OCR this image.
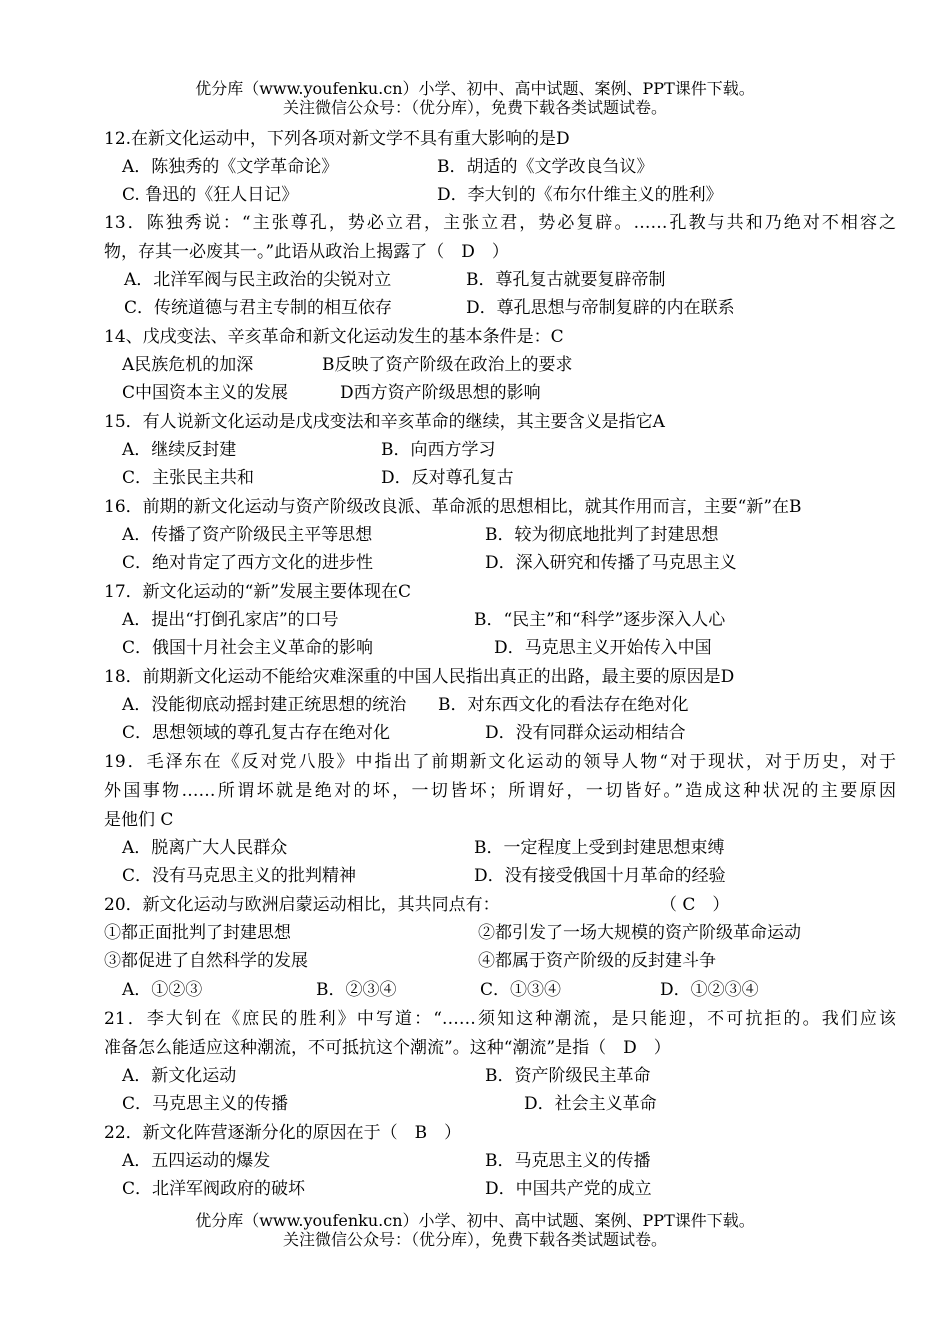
优分库（www.youfenku.cn）小学、初中、高中试题、案例、PPT课件下载。
关注微信公众号：（优分库），免费下载各类试题试卷。
12.在新文化运动中，下列各项对新文学不具有重大影响的是D
A．陈独秀的《文学革命论》	B．胡适的《文学改良刍议》
C. 鲁迅的《狂人日记》	D．李大钊的《布尔什维主义的胜利》
13．陈独秀说：“主张尊孔，势必立君，主张立君，势必复辟。……孔教与共和乃绝对不相容之
物，存其一必废其一。”此语从政治上揭露了（　D　）
A．北洋军阀与民主政治的尖锐对立	B．尊孔复古就要复辟帝制
C．传统道德与君主专制的相互依存	D．尊孔思想与帝制复辟的内在联系
14、戊戌变法、辛亥革命和新文化运动发生的基本条件是：C
A民族危机的加深	B反映了资产阶级在政治上的要求
C中国资本主义的发展	D西方资产阶级思想的影响
15．有人说新文化运动是戊戌变法和辛亥革命的继续，其主要含义是指它A
A．继续反封建	B．向西方学习
C．主张民主共和	D．反对尊孔复古
16．前期的新文化运动与资产阶级改良派、革命派的思想相比，就其作用而言，主要“新”在B
A．传播了资产阶级民主平等思想	B．较为彻底地批判了封建思想
C．绝对肯定了西方文化的进步性	D．深入研究和传播了马克思主义
17．新文化运动的“新”发展主要体现在C
A．提出“打倒孔家店”的口号	B．“民主”和“科学”逐步深入人心
C．俄国十月社会主义革命的影响	D．马克思主义开始传入中国
18．前期新文化运动不能给灾难深重的中国人民指出真正的出路，最主要的原因是D
A．没能彻底动摇封建正统思想的统治 B．对东西文化的看法存在绝对化
C．思想领域的尊孔复古存在绝对化	D．没有同群众运动相结合
19．毛泽东在《反对党八股》中指出了前期新文化运动的领导人物“对于现状，对于历史，对于
外国事物……所谓坏就是绝对的坏，一切皆坏；所谓好，一切皆好。”造成这种状况的主要原因
是他们 C
A．脱离广大人民群众	B．一定程度上受到封建思想束缚
C．没有马克思主义的批判精神	D．没有接受俄国十月革命的经验
20．新文化运动与欧洲启蒙运动相比，其共同点有：	（ C　）
①都正面批判了封建思想	②都引发了一场大规模的资产阶级革命运动
③都促进了自然科学的发展	④都属于资产阶级的反封建斗争
A．①②③	B．②③④	C．①③④	D．①②③④
21．李大钊在《庶民的胜利》中写道：“……须知这种潮流，是只能迎，不可抗拒的。我们应该
准备怎么能适应这种潮流，不可抵抗这个潮流”。这种“潮流”是指（　D　）
A．新文化运动	B．资产阶级民主革命
C．马克思主义的传播	D．社会主义革命
22．新文化阵营逐渐分化的原因在于（　B　）
A．五四运动的爆发	B．马克思主义的传播
C．北洋军阀政府的破坏	D．中国共产党的成立
优分库（www.youfenku.cn）小学、初中、高中试题、案例、PPT课件下载。
关注微信公众号：（优分库），免费下载各类试题试卷。
